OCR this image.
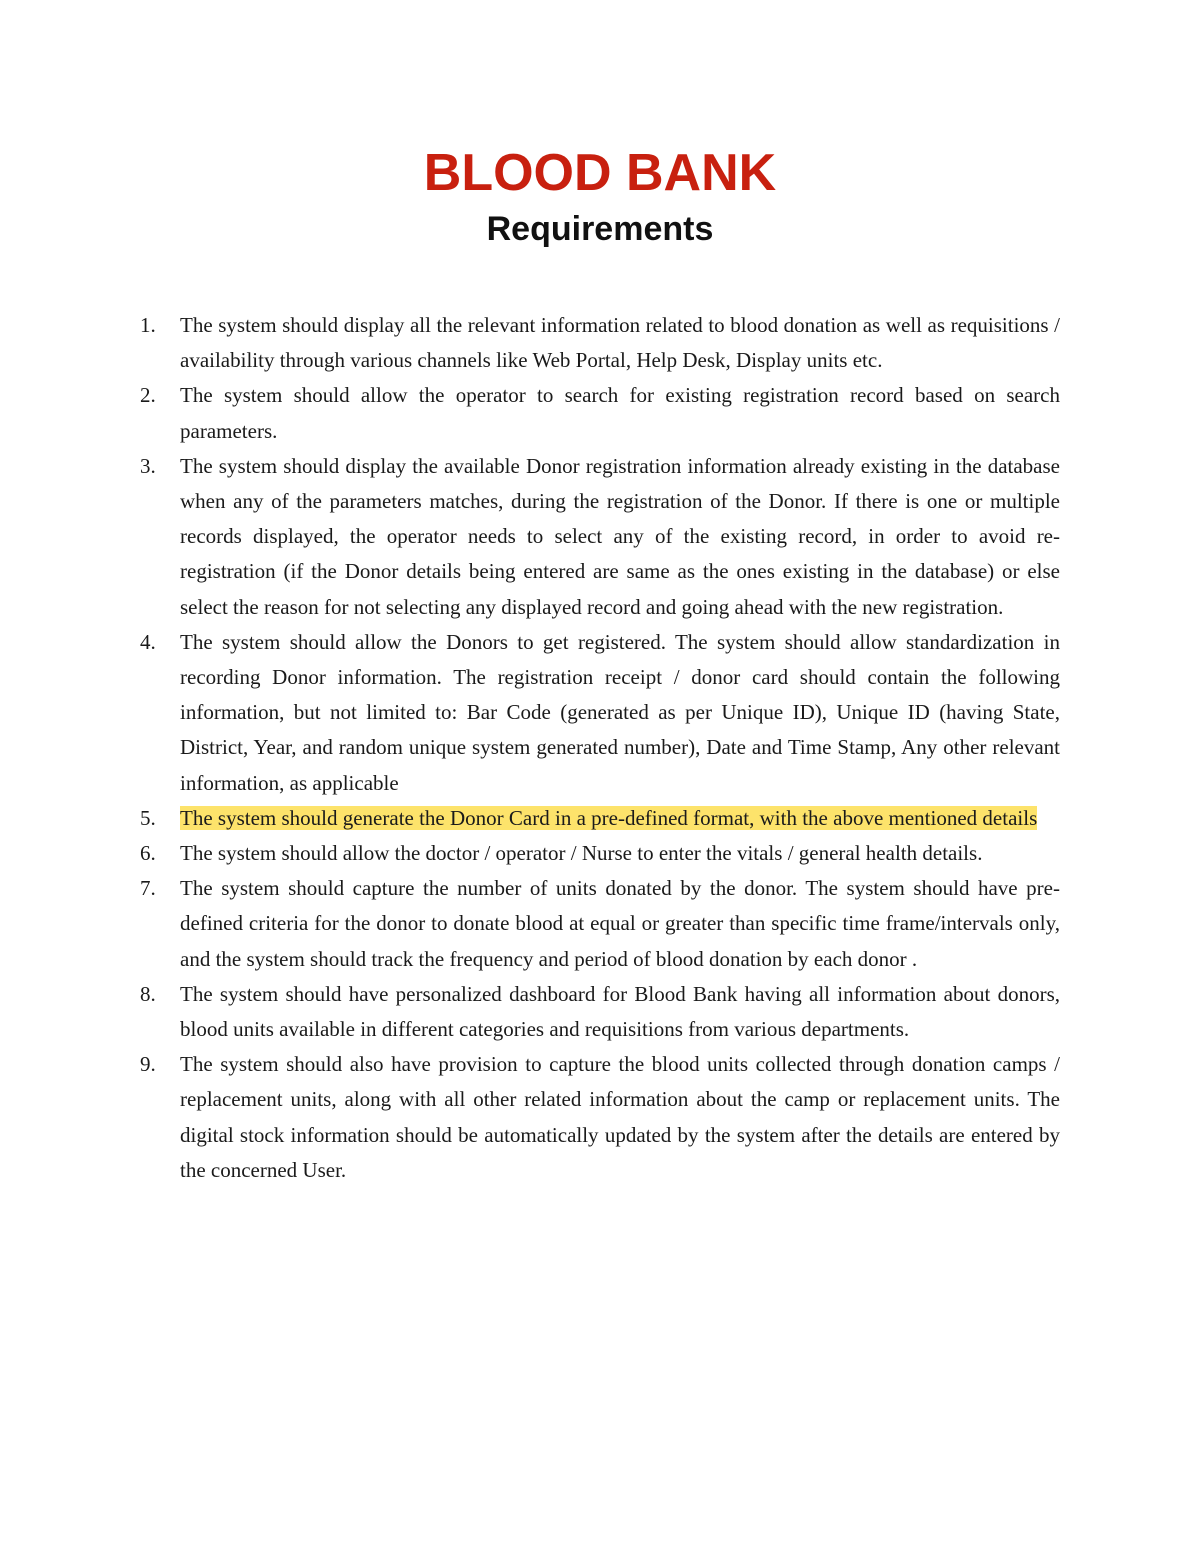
BLOOD BANK
Requirements
1.	The system should display all the relevant information related to blood donation as well as requisitions / availability through various channels like Web Portal, Help Desk, Display units etc.
2.	The system should allow the operator to search for existing registration record based on search parameters.
3.	The system should display the available Donor registration information already existing in the database when any of the parameters matches, during the registration of the Donor. If there is one or multiple records displayed, the operator needs to select any of the existing record, in order to avoid re-registration (if the Donor details being entered are same as the ones existing in the database) or else select the reason for not selecting any displayed record and going ahead with the new registration.
4.	The system should allow the Donors to get registered. The system should allow standardization in recording Donor information. The registration receipt / donor card should contain the following information, but not limited to: Bar Code (generated as per Unique ID), Unique ID (having State, District, Year, and random unique system generated number), Date and Time Stamp, Any other relevant information, as applicable
5.	The system should generate the Donor Card in a pre-defined format, with the above mentioned details
6.	The system should allow the doctor / operator / Nurse to enter the vitals / general health details.
7.	The system should capture the number of units donated by the donor. The system should have pre-defined criteria for the donor to donate blood at equal or greater than specific time frame/intervals only, and the system should track the frequency and period of blood donation by each donor .
8.	The system should have personalized dashboard for Blood Bank having all information about donors, blood units available in different categories and requisitions from various departments.
9.	The system should also have provision to capture the blood units collected through donation camps / replacement units, along with all other related information about the camp or replacement units. The digital stock information should be automatically updated by the system after the details are entered by the concerned User.
